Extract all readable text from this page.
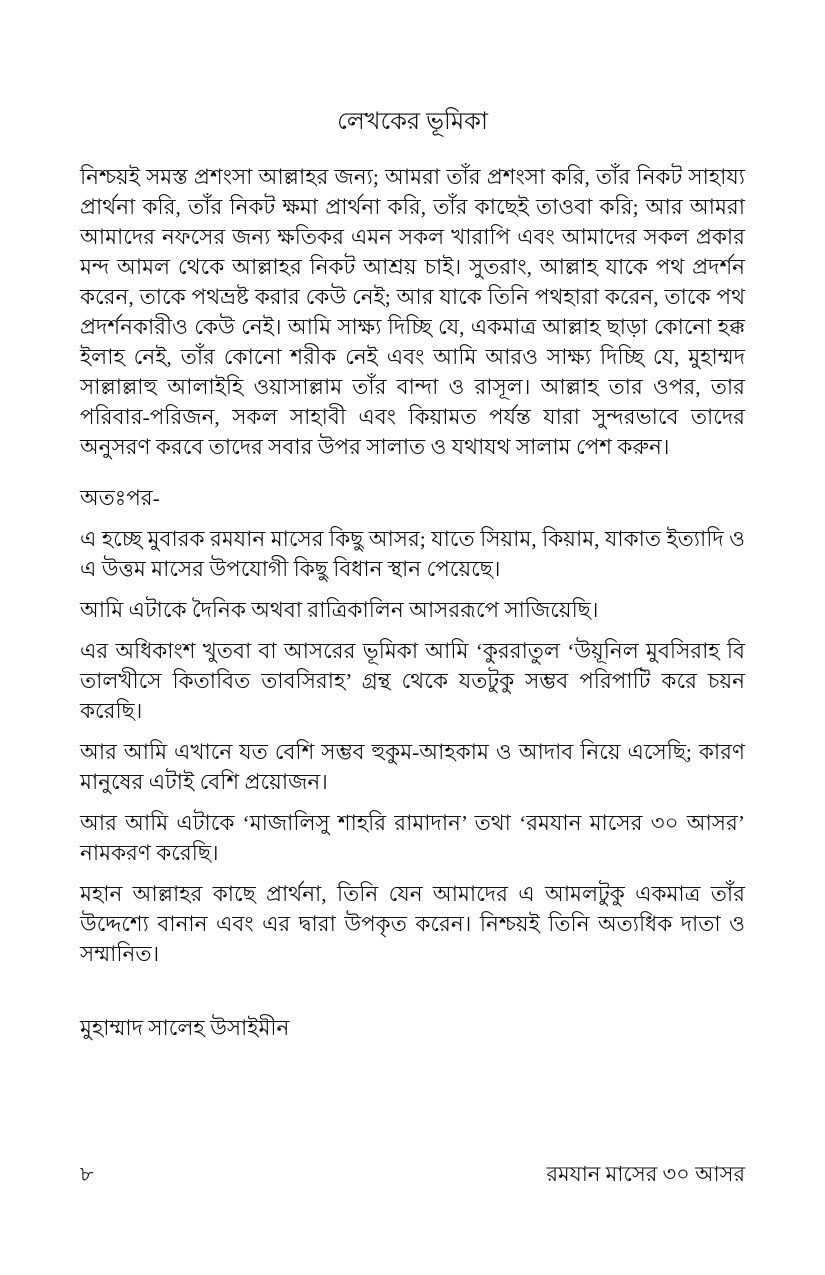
লেখকের ভূমিকা

নিশ্চয়ই সমস্ত প্রশংসা আল্লাহর জন্য; আমরা তাঁর প্রশংসা করি, তাঁর নিকট সাহায্য প্রার্থনা করি, তাঁর নিকট ক্ষমা প্রার্থনা করি, তাঁর কাছেই তাওবা করি; আর আমরা আমাদের নফসের জন্য ক্ষতিকর এমন সকল খারাপি এবং আমাদের সকল প্রকার মন্দ আমল থেকে আল্লাহর নিকট আশ্রয় চাই। সুতরাং, আল্লাহ যাকে পথ প্রদর্শন করেন, তাকে পথভ্রষ্ট করার কেউ নেই; আর যাকে তিনি পথহারা করেন, তাকে পথ প্রদর্শনকারীও কেউ নেই। আমি সাক্ষ্য দিচ্ছি যে, একমাত্র আল্লাহ ছাড়া কোনো হক্ক ইলাহ নেই, তাঁর কোনো শরীক নেই এবং আমি আরও সাক্ষ্য দিচ্ছি যে, মুহাম্মদ সাল্লাল্লাহু আলাইহি ওয়াসাল্লাম তাঁর বান্দা ও রাসূল। আল্লাহ তার ওপর, তার পরিবার-পরিজন, সকল সাহাবী এবং কিয়ামত পর্যন্ত যারা সুন্দরভাবে তাদের অনুসরণ করবে তাদের সবার উপর সালাত ও যথাযথ সালাম পেশ করুন।

অতঃপর-

এ হচ্ছে মুবারক রমযান মাসের কিছু আসর; যাতে সিয়াম, কিয়াম, যাকাত ইত্যাদি ও এ উত্তম মাসের উপযোগী কিছু বিধান স্থান পেয়েছে।

আমি এটাকে দৈনিক অথবা রাত্রিকালিন আসররূপে সাজিয়েছি।

এর অধিকাংশ খুতবা বা আসরের ভূমিকা আমি ‘কুররাতুল ‘উয়ূনিল মুবসিরাহ বি তালখীসে কিতাবিত তাবসিরাহ’ গ্রন্থ থেকে যতটুকু সম্ভব পরিপাটি করে চয়ন করেছি।

আর আমি এখানে যত বেশি সম্ভব হুকুম-আহকাম ও আদাব নিয়ে এসেছি; কারণ মানুষের এটাই বেশি প্রয়োজন।

আর আমি এটাকে ‘মাজালিসু শাহরি রামাদান’ তথা ‘রমযান মাসের ৩০ আসর’ নামকরণ করেছি।

মহান আল্লাহর কাছে প্রার্থনা, তিনি যেন আমাদের এ আমলটুকু একমাত্র তাঁর উদ্দেশ্যে বানান এবং এর দ্বারা উপকৃত করেন। নিশ্চয়ই তিনি অত্যধিক দাতা ও সম্মানিত।

মুহাম্মাদ সালেহ উসাইমীন

৮	রমযান মাসের ৩০ আসর
